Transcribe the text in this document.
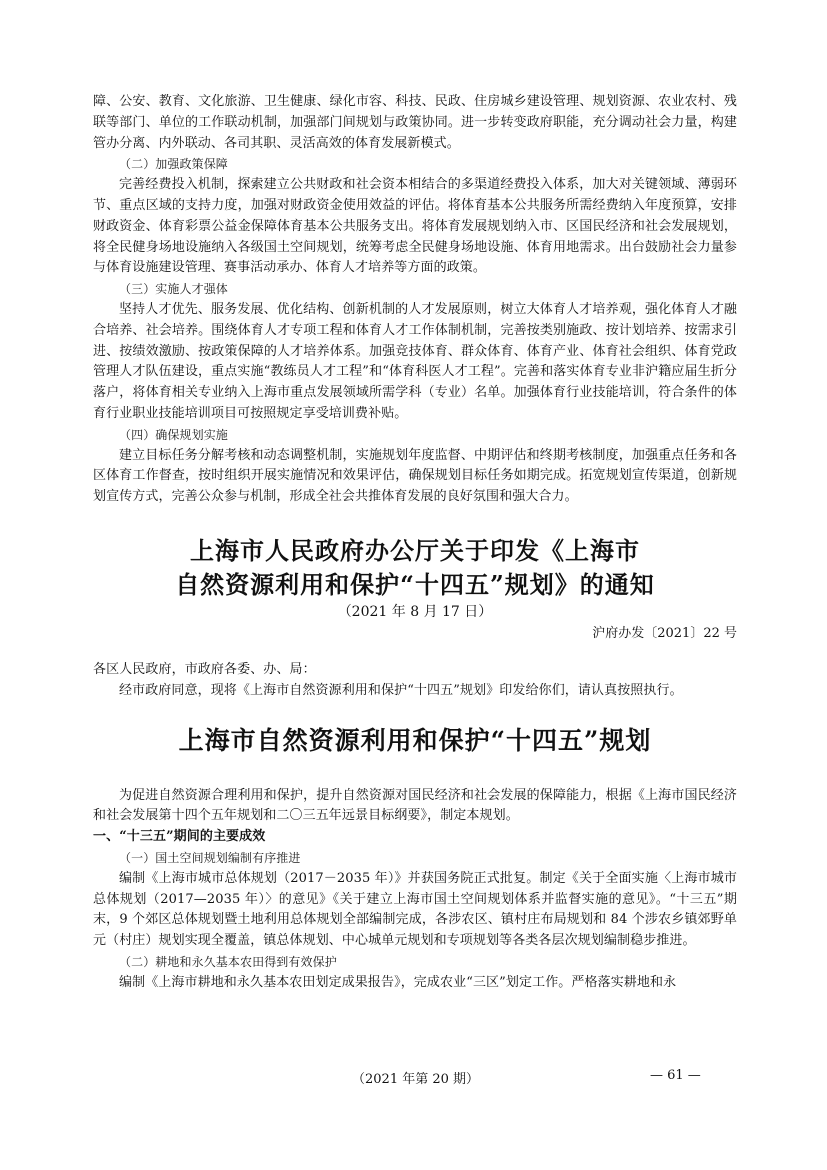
障、公安、教育、文化旅游、卫生健康、绿化市容、科技、民政、住房城乡建设管理、规划资源、农业农村、残联等部门、单位的工作联动机制，加强部门间规划与政策协同。进一步转变政府职能，充分调动社会力量，构建管办分离、内外联动、各司其职、灵活高效的体育发展新模式。

（二）加强政策保障

完善经费投入机制，探索建立公共财政和社会资本相结合的多渠道经费投入体系，加大对关键领域、薄弱环节、重点区域的支持力度，加强对财政资金使用效益的评估。将体育基本公共服务所需经费纳入年度预算，安排财政资金、体育彩票公益金保障体育基本公共服务支出。将体育发展规划纳入市、区国民经济和社会发展规划，将全民健身场地设施纳入各级国土空间规划，统筹考虑全民健身场地设施、体育用地需求。出台鼓励社会力量参与体育设施建设管理、赛事活动承办、体育人才培养等方面的政策。

（三）实施人才强体

坚持人才优先、服务发展、优化结构、创新机制的人才发展原则，树立大体育人才培养观，强化体育人才融合培养、社会培养。围绕体育人才专项工程和体育人才工作体制机制，完善按类别施政、按计划培养、按需求引进、按绩效激励、按政策保障的人才培养体系。加强竞技体育、群众体育、体育产业、体育社会组织、体育党政管理人才队伍建设，重点实施“教练员人才工程”和“体育科医人才工程”。完善和落实体育专业非沪籍应届生折分落户，将体育相关专业纳入上海市重点发展领域所需学科（专业）名单。加强体育行业技能培训，符合条件的体育行业职业技能培训项目可按照规定享受培训费补贴。

（四）确保规划实施

建立目标任务分解考核和动态调整机制，实施规划年度监督、中期评估和终期考核制度，加强重点任务和各区体育工作督查，按时组织开展实施情况和效果评估，确保规划目标任务如期完成。拓宽规划宣传渠道，创新规划宣传方式，完善公众参与机制，形成全社会共推体育发展的良好氛围和强大合力。

上海市人民政府办公厅关于印发《上海市
自然资源利用和保护“十四五”规划》的通知
（2021 年 8 月 17 日）
沪府办发〔2021〕22 号

各区人民政府，市政府各委、办、局：

经市政府同意，现将《上海市自然资源利用和保护“十四五”规划》印发给你们，请认真按照执行。

上海市自然资源利用和保护“十四五”规划

为促进自然资源合理利用和保护，提升自然资源对国民经济和社会发展的保障能力，根据《上海市国民经济和社会发展第十四个五年规划和二〇三五年远景目标纲要》，制定本规划。

一、“十三五”期间的主要成效

（一）国土空间规划编制有序推进

编制《上海市城市总体规划（2017－2035 年）》并获国务院正式批复。制定《关于全面实施〈上海市城市总体规划（2017—2035 年）〉的意见》《关于建立上海市国土空间规划体系并监督实施的意见》。“十三五”期末，9 个郊区总体规划暨土地利用总体规划全部编制完成，各涉农区、镇村庄布局规划和 84 个涉农乡镇郊野单元（村庄）规划实现全覆盖，镇总体规划、中心城单元规划和专项规划等各类各层次规划编制稳步推进。

（二）耕地和永久基本农田得到有效保护

编制《上海市耕地和永久基本农田划定成果报告》，完成农业“三区”划定工作。严格落实耕地和永

（2021 年第 20 期）	— 61 —
